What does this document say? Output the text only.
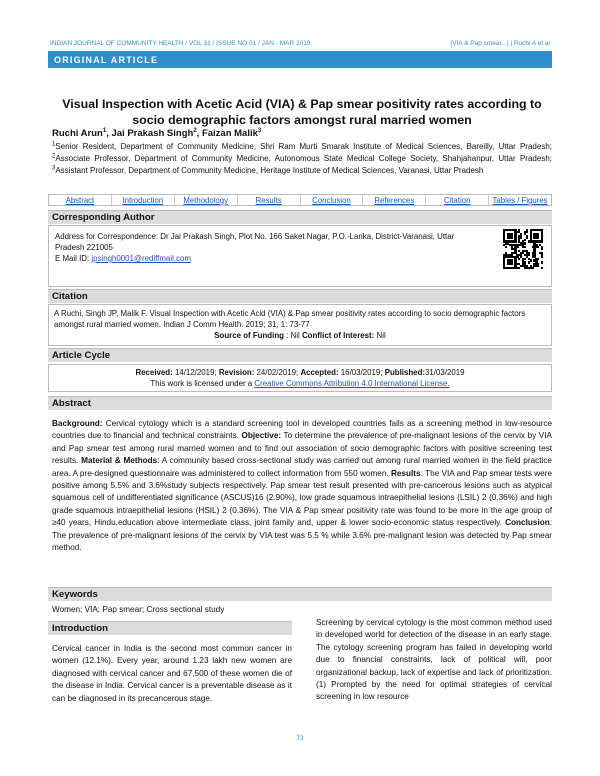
INDIAN JOURNAL OF COMMUNITY HEALTH / VOL 31 / ISSUE NO 01 / JAN - MAR 2019	[VIA & Pap smear...] | Ruchi A et al
ORIGINAL ARTICLE
Visual Inspection with Acetic Acid (VIA) & Pap smear positivity rates according to socio demographic factors amongst rural married women
Ruchi Arun$^1$, Jai Prakash Singh$^2$, Faizan Malik$^3$
$^1$Senior Resident, Department of Community Medicine, Shri Ram Murti Smarak Institute of Medical Sciences, Bareilly, Uttar Pradesh; $^2$Associate Professor, Department of Community Medicine, Autonomous State Medical College Society, Shahjahanpur, Uttar Pradesh; $^3$Assistant Professor, Department of Community Medicine, Heritage Institute of Medical Sciences, Varanasi, Uttar Pradesh
Abstract	Introduction	Methodology	Results	Conclusion	References	Citation	Tables / Figures
Corresponding Author
Address for Correspondence: Dr Jai Prakash Singh, Plot No. 166 Saket Nagar, P.O.-Lanka, District-Varanasi, Uttar Pradesh 221005
E Mail ID: jpsingh0001@rediffmail.com
Citation
A Ruchi, Singh JP, Malik F. Visual Inspection with Acetic Acid (VIA) & Pap smear positivity rates according to socio demographic factors amongst rural married women. Indian J Comm Health. 2019; 31, 1: 73-77
Source of Funding : Nil Conflict of Interest: Nil
Article Cycle
Received: 14/12/2019; Revision: 24/02/2019; Accepted: 16/03/2019; Published:31/03/2019
This work is licensed under a Creative Commons Attribution 4.0 International License.
Abstract
Background: Cervical cytology which is a standard screening tool in developed countries fails as a screening method in low-resource countries due to financial and technical constraints. Objective: To determine the prevalence of pre-malignant lesions of the cervix by VIA and Pap smear test among rural married women and to find out association of socio demographic factors with positive screening test results. Material & Methods: A community based cross-sectional study was carried out among rural married women in the field practice area. A pre-designed questionnaire was administered to collect information from 550 women. Results: The VIA and Pap smear tests were positive among 5.5% and 3.6%study subjects respectively. Pap smear test result presented with pre-cancerous lesions such as atypical squamous cell of undifferentiated significance (ASCUS)16 (2.90%), low grade squamous intraepithelial lesions (LSIL) 2 (0.36%) and high grade squamous intraepithelial lesions (HSIL) 2 (0.36%). The VIA & Pap smear positivity rate was found to be more in the age group of ≥40 years, Hindu,education above intermediate class, joint family and, upper & lower socio-economic status respectively. Conclusion: The prevalence of pre-malignant lesions of the cervix by VIA test was 5.5 % while 3.6% pre-malignant lesion was detected by Pap smear method.
Keywords
Women; VIA; Pap smear; Cross sectional study
Introduction
Cervical cancer in India is the second most common cancer in women (12.1%). Every year, around 1.23 lakh new women are diagnosed with cervical cancer and 67,500 of these women die of the disease in India. Cervical cancer is a preventable disease as it can be diagnosed in its precancerous stage.
Screening by cervical cytology is the most common method used in developed world for detection of the disease in an early stage. The cytology screening program has failed in developing world due to financial constraints, lack of political will, poor organizational backup, lack of expertise and lack of prioritization.(1) Prompted by the need for optimal strategies of cervical screening in low resource
73
